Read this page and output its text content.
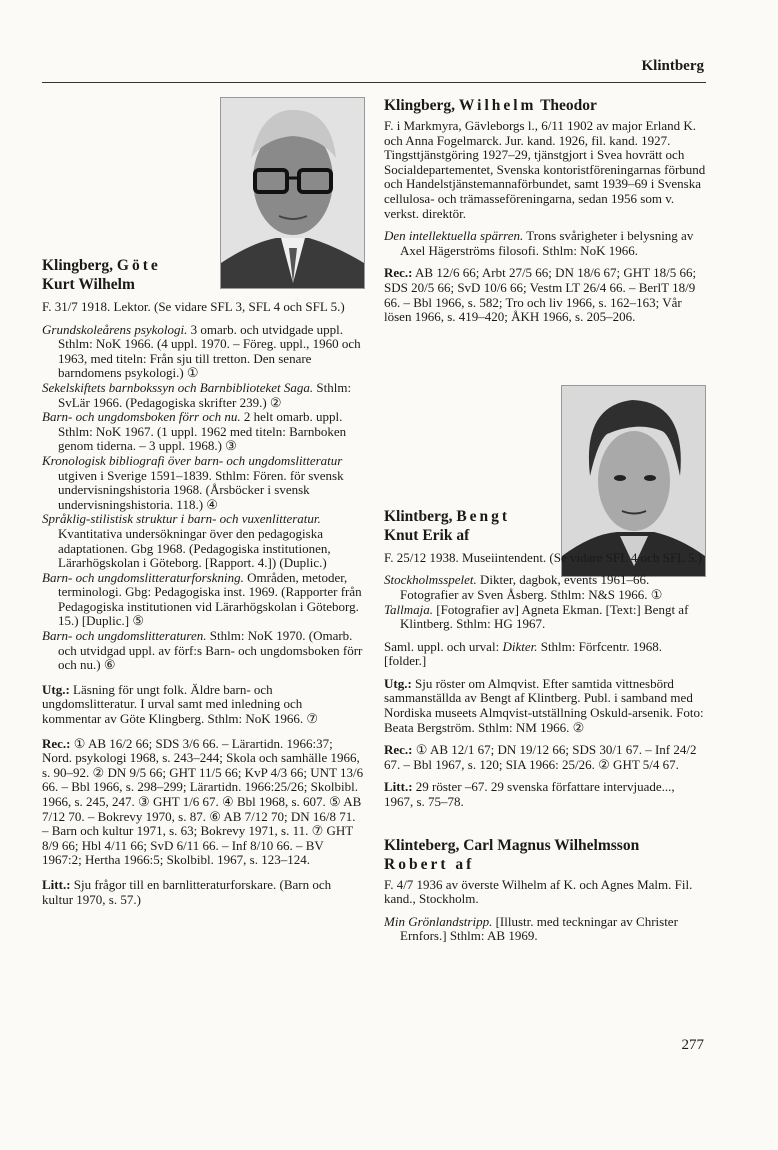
Klintberg
Klingberg, Göte
Kurt Wilhelm

F. 31/7 1918. Lektor. (Se vidare SFL 3, SFL 4 och SFL 5.)

Grundskoleårens psykologi. 3 omarb. och utvidgade uppl. Sthlm: NoK 1966. (4 uppl. 1970. – Föreg. uppl., 1960 och 1963, med titeln: Från sju till tretton. Den senare barndomens psykologi.) ①

Sekelskiftets barnbokssyn och Barnbiblioteket Saga. Sthlm: SvLär 1966. (Pedagogiska skrifter 239.) ②

Barn- och ungdomsboken förr och nu. 2 helt omarb. uppl. Sthlm: NoK 1967. (1 uppl. 1962 med titeln: Barnboken genom tiderna. – 3 uppl. 1968.) ③

Kronologisk bibliografi över barn- och ungdomslitteratur utgiven i Sverige 1591–1839. Sthlm: Fören. för svensk undervisningshistoria 1968. (Årsböcker i svensk undervisningshistoria. 118.) ④

Språklig-stilistisk struktur i barn- och vuxenlitteratur. Kvantitativa undersökningar över den pedagogiska adaptationen. Gbg 1968. (Pedagogiska institutionen, Lärarhögskolan i Göteborg. [Rapport. 4.]) (Duplic.)

Barn- och ungdomslitteraturforskning. Områden, metoder, terminologi. Gbg: Pedagogiska inst. 1969. (Rapporter från Pedagogiska institutionen vid Lärarhögskolan i Göteborg. 15.) [Duplic.] ⑤

Barn- och ungdomslitteraturen. Sthlm: NoK 1970. (Omarb. och utvidgad uppl. av förf:s Barn- och ungdomsboken förr och nu.) ⑥

Utg.: Läsning för ungt folk. Äldre barn- och ungdomslitteratur. I urval samt med inledning och kommentar av Göte Klingberg. Sthlm: NoK 1966. ⑦

Rec.: ① AB 16/2 66; SDS 3/6 66. – Lärartidn. 1966:37; Nord. psykologi 1968, s. 243–244; Skola och samhälle 1966, s. 90–92. ② DN 9/5 66; GHT 11/5 66; KvP 4/3 66; UNT 13/6 66. – Bbl 1966, s. 298–299; Lärartidn. 1966:25/26; Skolbibl. 1966, s. 245, 247. ③ GHT 1/6 67. ④ Bbl 1968, s. 607. ⑤ AB 7/12 70. – Bokrevy 1970, s. 87. ⑥ AB 7/12 70; DN 16/8 71. – Barn och kultur 1971, s. 63; Bokrevy 1971, s. 11. ⑦ GHT 8/9 66; Hbl 4/11 66; SvD 6/11 66. – Inf 8/10 66. – BV 1967:2; Hertha 1966:5; Skolbibl. 1967, s. 123–124.

Litt.: Sju frågor till en barnlitteraturforskare. (Barn och kultur 1970, s. 57.)

Klingberg, Wilhelm Theodor

F. i Markmyra, Gävleborgs l., 6/11 1902 av major Erland K. och Anna Fogelmarck. Jur. kand. 1926, fil. kand. 1927. Tingsttjänstgöring 1927–29, tjänstgjort i Svea hovrätt och Socialdepartementet, Svenska kontoristföreningarnas förbund och Handelstjänstemannaförbundet, samt 1939–69 i Svenska cellulosa- och trämasseföreningarna, sedan 1956 som v. verkst. direktör.

Den intellektuella spärren. Trons svårigheter i belysning av Axel Hägerströms filosofi. Sthlm: NoK 1966.

Rec.: AB 12/6 66; Arbt 27/5 66; DN 18/6 67; GHT 18/5 66; SDS 20/5 66; SvD 10/6 66; Vestm LT 26/4 66. – BerlT 18/9 66. – Bbl 1966, s. 582; Tro och liv 1966, s. 162–163; Vår lösen 1966, s. 419–420; ÅKH 1966, s. 205–206.

Klintberg, Bengt
Knut Erik af

F. 25/12 1938. Museiintendent. (Se vidare SFL 4 och SFL 5.)

Stockholmsspelet. Dikter, dagbok, events 1961–66. Fotografier av Sven Åsberg. Sthlm: N&S 1966. ①

Tallmaja. [Fotografier av] Agneta Ekman. [Text:] Bengt af Klintberg. Sthlm: HG 1967.

Saml. uppl. och urval: Dikter. Sthlm: Förfcentr. 1968. [folder.]

Utg.: Sju röster om Almqvist. Efter samtida vittnesbörd sammanställda av Bengt af Klintberg. Publ. i samband med Nordiska museets Almqvist-utställning Oskuld-arsenik. Foto: Beata Bergström. Sthlm: NM 1966. ②

Rec.: ① AB 12/1 67; DN 19/12 66; SDS 30/1 67. – Inf 24/2 67. – Bbl 1967, s. 120; SIA 1966: 25/26. ② GHT 5/4 67.

Litt.: 29 röster –67. 29 svenska författare intervjuade..., 1967, s. 75–78.

Klinteberg, Carl Magnus Wilhelmsson
Robert af

F. 4/7 1936 av överste Wilhelm af K. och Agnes Malm. Fil. kand., Stockholm.

Min Grönlandstripp. [Illustr. med teckningar av Christer Ernfors.] Sthlm: AB 1969.

277
